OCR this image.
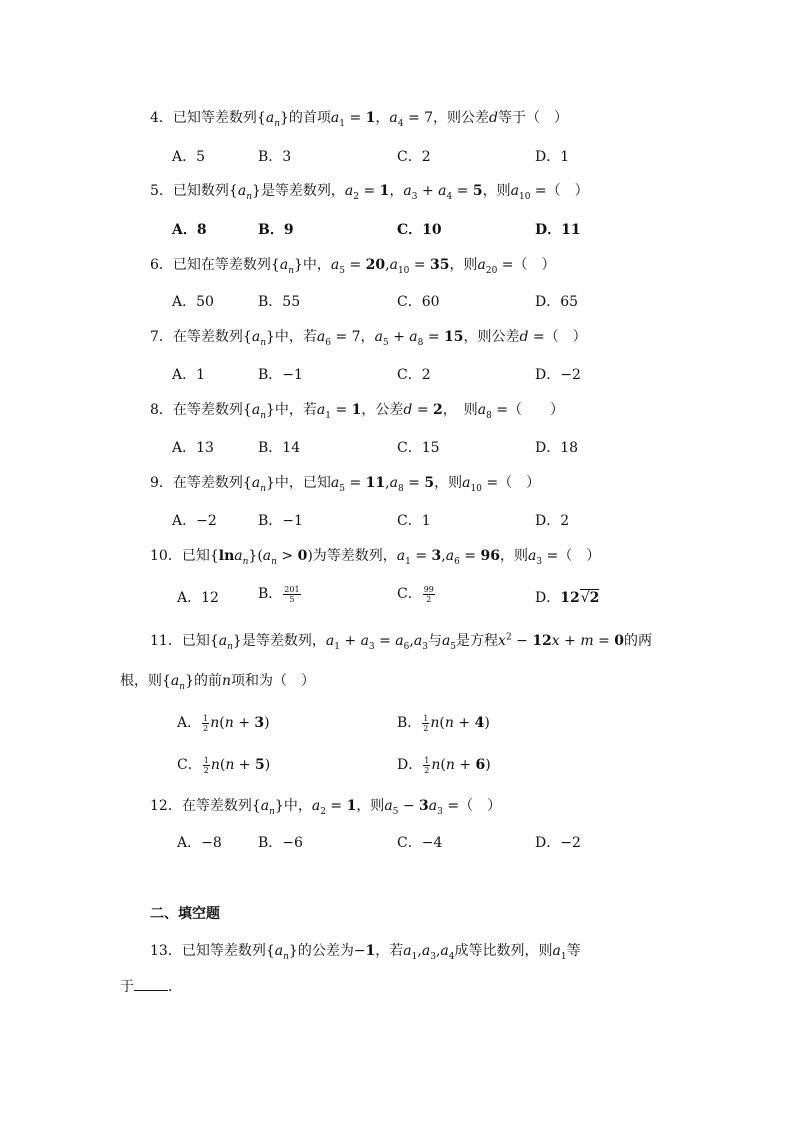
4．已知等差数列$\{a_n\}$的首项$a_1 = 1$，$a_4 = 7$，则公差d等于（　）
A．5	B．3	C．2	D．1
5．已知数列$\{a_n\}$是等差数列，$a_2 = 1$，$a_3 + a_4 = 5$，则$a_{10}$ =（　）
A．8	B．9	C．10	D．11
6．已知在等差数列$\{a_n\}$中，$a_5 = 20,a_{10} = 35$，则$a_{20}$ =（　）
A．50	B．55	C．60	D．65
7．在等差数列$\{a_n\}$中，若$a_6 = 7$，$a_5 + a_8 = 15$，则公差d =（　）
A．1	B．−1	C．2	D．−2
8．在等差数列$\{a_n\}$中，若$a_1 = 1$，公差d = 2，　则$a_8$ =（　　）
A．13	B．14	C．15	D．18
9．在等差数列$\{a_n\}$中，已知$a_5 = 11,a_8 = 5$，则$a_{10}$ =（　）
A．−2	B．−1	C．1	D．2
10．已知$\{\ln a_n\}(a_n > 0)$为等差数列，$a_1 = 3,a_6 = 96$，则$a_3$ =（　）
A．12	B． $\frac{201}{5}$	C． $\frac{99}{2}$	D．12√2
11．已知$\{a_n\}$是等差数列，$a_1 + a_3 = a_6,a_3$与$a_5$是方程$x^2 - 12x + m = 0$的两
根，则$\{a_n\}$的前n项和为（　）
A． $\frac{1}{2} n(n + 3)$	B． $\frac{1}{2} n(n + 4)$
C． $\frac{1}{2} n(n + 5)$	D． $\frac{1}{2} n(n + 6)$
12．在等差数列$\{a_n\}$中，$a_2 = 1$，则$a_5 - 3a_3$ =（　）
A．−8	B．−6	C．−4	D．−2
二、填空题
13．已知等差数列$\{a_n\}$的公差为−1，若$a_1,a_3,a_4$成等比数列，则$a_1$等
于 ．
